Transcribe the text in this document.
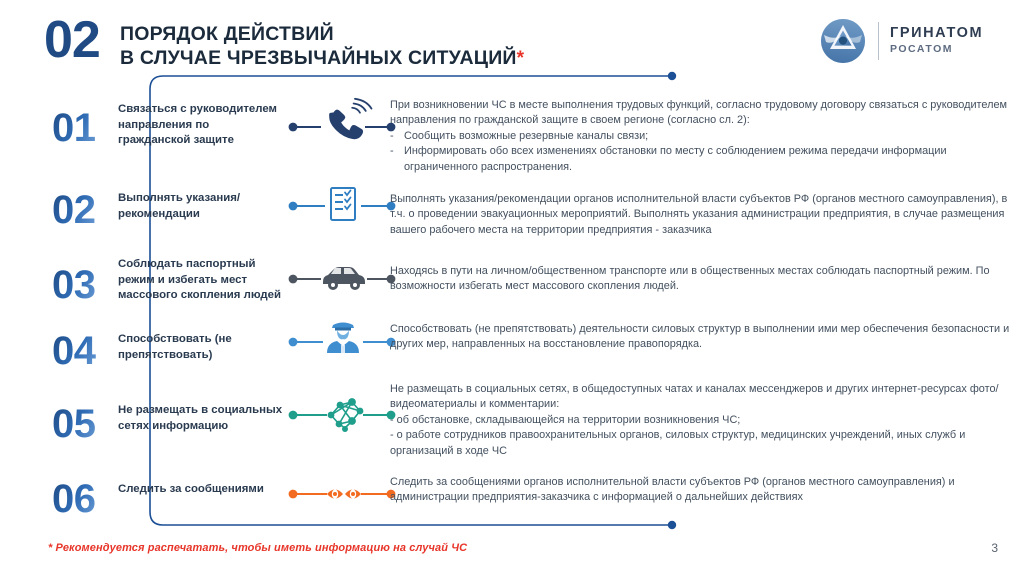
02 ПОРЯДОК ДЕЙСТВИЙ
В СЛУЧАЕ ЧРЕЗВЫЧАЙНЫХ СИТУАЦИЙ*
ГРИНАТОМ
РОСАТОМ
01 Связаться с руководителем направления по гражданской защите
При возникновении ЧС в месте выполнения трудовых функций, согласно трудовому договору связаться с руководителем направления по гражданской защите в своем регионе (согласно сл. 2):
- Сообщить возможные резервные каналы связи;
- Информировать обо всех изменениях обстановки по месту с соблюдением режима передачи информации ограниченного распространения.
02 Выполнять указания/ рекомендации
Выполнять указания/рекомендации органов исполнительной власти субъектов РФ (органов местного самоуправления), в т.ч. о проведении эвакуационных мероприятий. Выполнять указания администрации предприятия, в случае размещения вашего рабочего места на территории предприятия - заказчика
03 Соблюдать паспортный режим и избегать мест массового скопления людей
Находясь в пути на личном/общественном транспорте или в общественных местах соблюдать паспортный режим. По возможности избегать мест массового скопления людей.
04 Способствовать (не препятствовать)
Способствовать (не препятствовать) деятельности силовых структур в выполнении ими мер обеспечения безопасности и других мер, направленных на восстановление правопорядка.
05 Не размещать в социальных сетях информацию
Не размещать в социальных сетях, в общедоступных чатах и каналах мессенджеров и других интернет-ресурсах фото/видеоматериалы и комментарии:
- об обстановке, складывающейся на территории возникновения ЧС;
- о работе сотрудников правоохранительных органов, силовых структур, медицинских учреждений, иных служб и организаций в ходе ЧС
06 Следить за сообщениями
Следить за сообщениями органов исполнительной власти субъектов РФ (органов местного самоуправления) и администрации предприятия-заказчика с информацией о дальнейших действиях
* Рекомендуется распечатать, чтобы иметь информацию на случай ЧС	3
